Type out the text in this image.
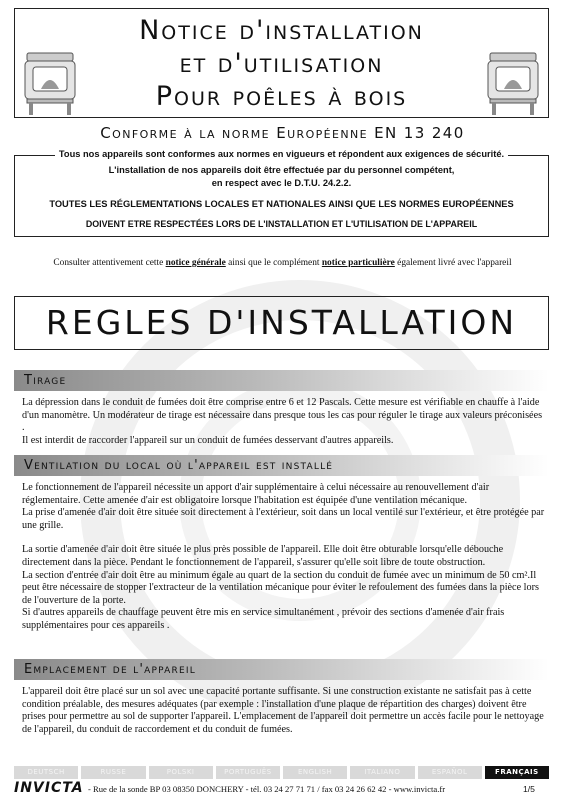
Notice d'installation
et d'utilisation
Pour poêles à bois
Conforme à la norme Européenne EN 13 240
Tous nos appareils sont conformes aux normes en vigueurs et répondent aux exigences de sécurité.
L'installation de nos appareils doit être effectuée par du personnel compétent,
en respect avec le D.T.U. 24.2.2.
TOUTES LES RÉGLEMENTATIONS LOCALES ET NATIONALES AINSI QUE LES NORMES EUROPÉENNES
DOIVENT ETRE RESPECTÉES LORS DE L'INSTALLATION ET L'UTILISATION DE L'APPAREIL
Consulter attentivement cette notice générale ainsi que le complément notice particulière également livré avec l'appareil
REGLES D'INSTALLATION
Tirage

La dépression dans le conduit de fumées doit être comprise entre 6 et 12 Pascals. Cette mesure est vérifiable en chauffe à l'aide d'un manomètre. Un modérateur de tirage est nécessaire dans presque tous les cas pour réguler le tirage aux valeurs préconisées .

Il est interdit de raccorder l'appareil sur un conduit de fumées desservant d'autres appareils.

Ventilation du local où l'appareil est installé

Le fonctionnement de l'appareil nécessite un apport d'air supplémentaire à celui nécessaire au renouvellement d'air réglementaire. Cette amenée d'air est obligatoire lorsque l'habitation est équipée d'une ventilation mécanique.

La prise d'amenée d'air doit être située soit directement à l'extérieur, soit dans un local ventilé sur l'extérieur, et être protégée par une grille.

La sortie d'amenée d'air doit être située le plus près possible de l'appareil. Elle doit être obturable lorsqu'elle débouche directement dans la pièce. Pendant le fonctionnement de l'appareil, s'assurer qu'elle soit libre de toute obstruction.

La section d'entrée d'air doit être au minimum égale au quart de la section du conduit de fumée avec un minimum de 50 cm².Il peut être nécessaire de stopper l'extracteur de la ventilation mécanique pour éviter le refoulement des fumées dans la pièce lors de l'ouverture de la porte.

Si d'autres appareils de chauffage peuvent être mis en service simultanément , prévoir des sections d'amenée d'air frais supplémentaires pour ces appareils .

Emplacement de l'appareil

L'appareil doit être placé sur un sol avec une capacité portante suffisante. Si une construction existante ne satisfait pas à cette condition préalable, des mesures adéquates (par exemple : l'installation d'une plaque de répartition des charges) doivent être prises pour permettre au sol de supporter l'appareil. L'emplacement de l'appareil doit permettre un accès facile pour le nettoyage de l'appareil, du conduit de raccordement et du conduit de fumées.

DEUTSCH	RUSSE	POLSKI	PORTUGUÊS	ENGLISH	ITALIANO	ESPAÑOL	FRANÇAIS
INVICTA - Rue de la sonde BP 03 08350 DONCHERY - tél. 03 24 27 71 71 / fax 03 24 26 62 42 - www.invicta.fr	1/5
